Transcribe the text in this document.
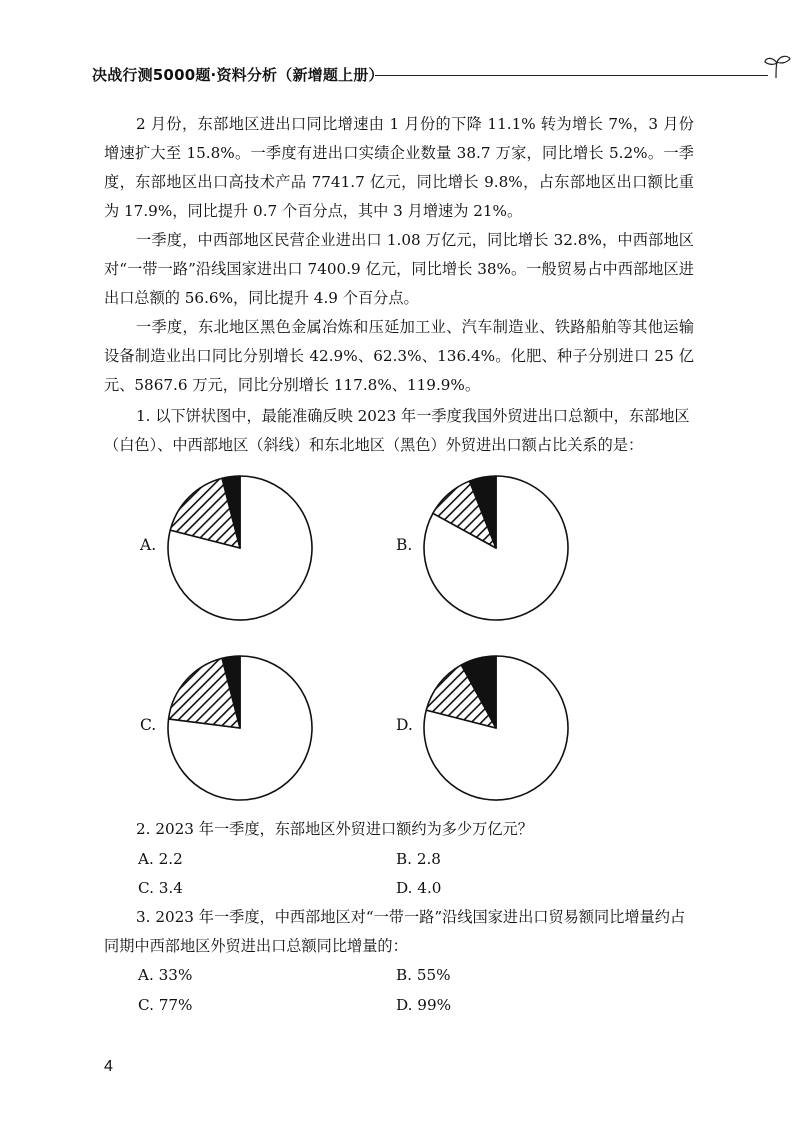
决战行测5000题·资料分析（新增题上册）

2 月份，东部地区进出口同比增速由 1 月份的下降 11.1% 转为增长 7%，3 月份增速扩大至 15.8%。一季度有进出口实绩企业数量 38.7 万家，同比增长 5.2%。一季度，东部地区出口高技术产品 7741.7 亿元，同比增长 9.8%，占东部地区出口额比重为 17.9%，同比提升 0.7 个百分点，其中 3 月增速为 21%。

一季度，中西部地区民营企业进出口 1.08 万亿元，同比增长 32.8%，中西部地区对“一带一路”沿线国家进出口 7400.9 亿元，同比增长 38%。一般贸易占中西部地区进出口总额的 56.6%，同比提升 4.9 个百分点。

一季度，东北地区黑色金属冶炼和压延加工业、汽车制造业、铁路船舶等其他运输设备制造业出口同比分别增长 42.9%、62.3%、136.4%。化肥、种子分别进口 25 亿元、5867.6 万元，同比分别增长 117.8%、119.9%。

1. 以下饼状图中，最能准确反映 2023 年一季度我国外贸进出口总额中，东部地区（白色）、中西部地区（斜线）和东北地区（黑色）外贸进出口额占比关系的是：

A.	B.
C.	D.

2. 2023 年一季度，东部地区外贸进口额约为多少万亿元？

A. 2.2	B. 2.8
C. 3.4	D. 4.0

3. 2023 年一季度，中西部地区对“一带一路”沿线国家进出口贸易额同比增量约占同期中西部地区外贸进出口总额同比增量的：

A. 33%	B. 55%
C. 77%	D. 99%
4
